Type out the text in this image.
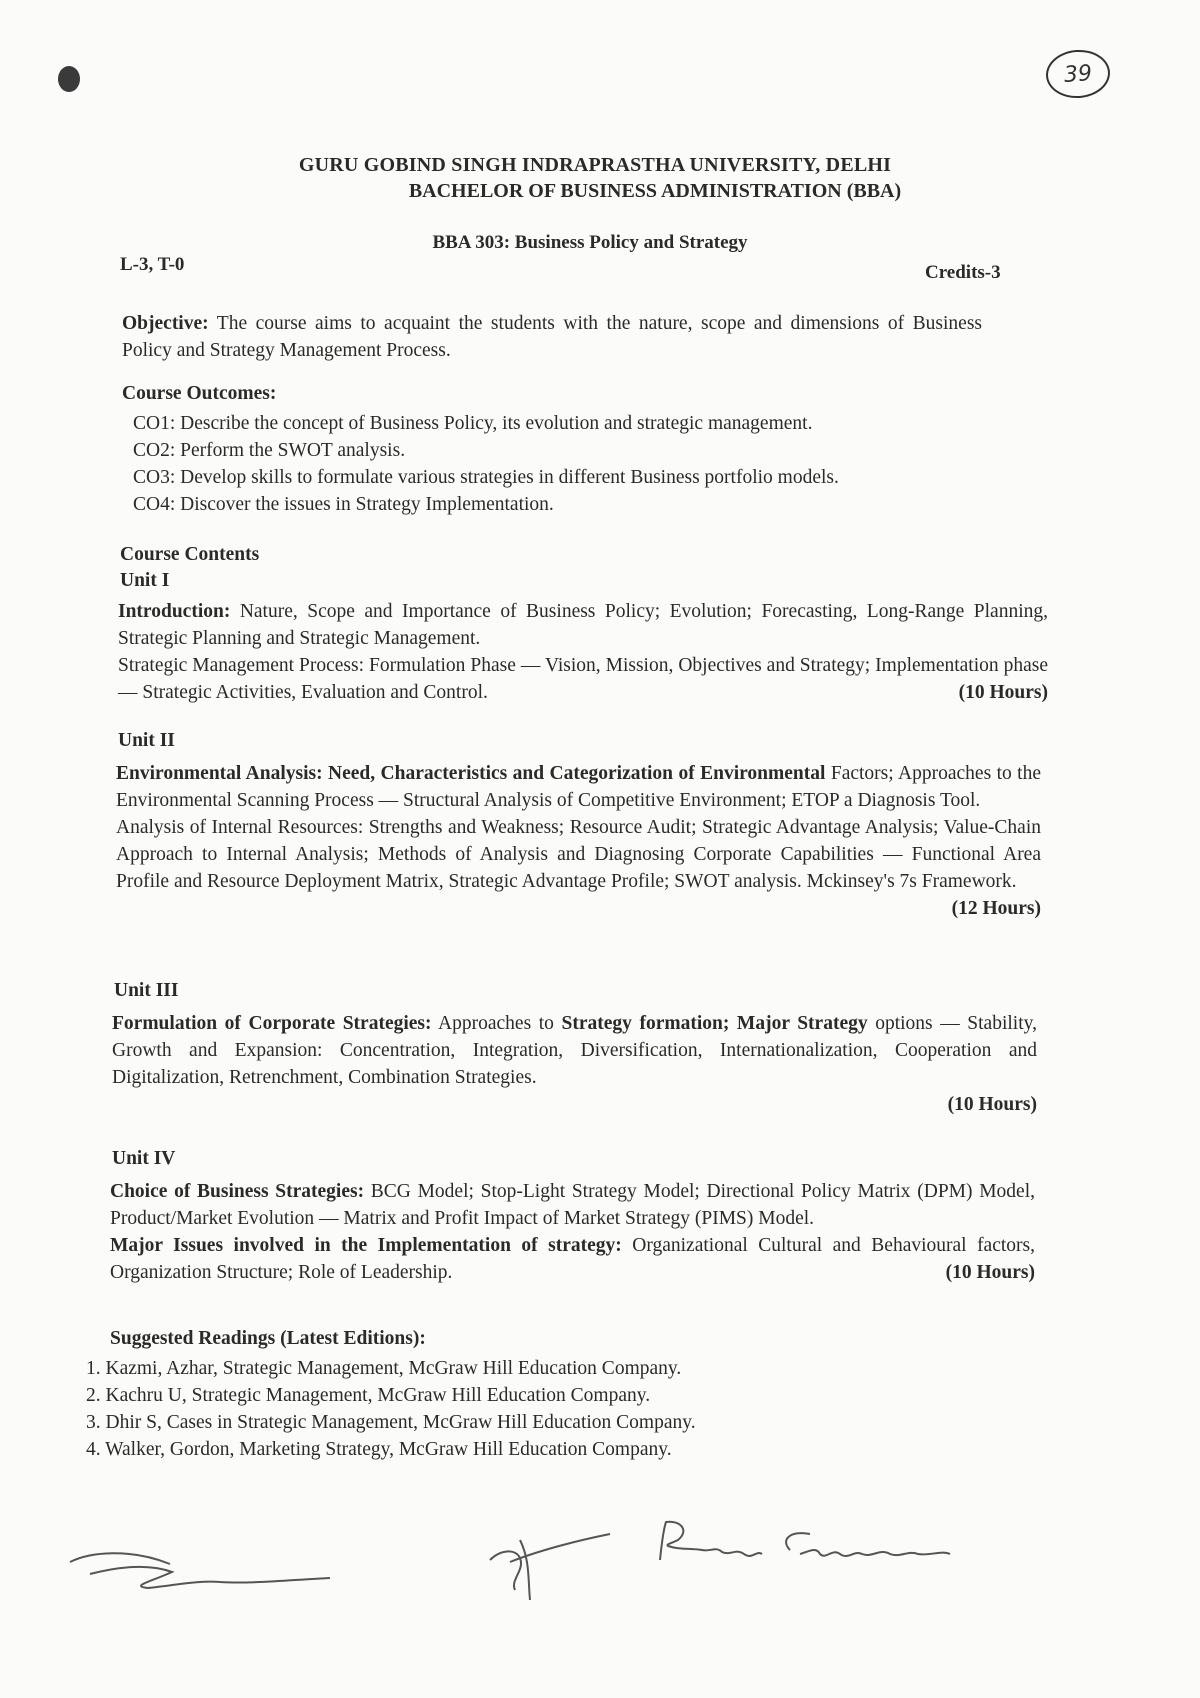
39
GURU GOBIND SINGH INDRAPRASTHA UNIVERSITY, DELHI
BACHELOR OF BUSINESS ADMINISTRATION (BBA)
BBA 303: Business Policy and Strategy
L-3, T-0	Credits-3
Objective: The course aims to acquaint the students with the nature, scope and dimensions of Business Policy and Strategy Management Process.
Course Outcomes:
CO1: Describe the concept of Business Policy, its evolution and strategic management.
CO2: Perform the SWOT analysis.
CO3: Develop skills to formulate various strategies in different Business portfolio models.
CO4: Discover the issues in Strategy Implementation.
Course Contents
Unit I
Introduction: Nature, Scope and Importance of Business Policy; Evolution; Forecasting, Long-Range Planning, Strategic Planning and Strategic Management.
Strategic Management Process: Formulation Phase — Vision, Mission, Objectives and Strategy; Implementation phase — Strategic Activities, Evaluation and Control.	(10 Hours)
Unit II
Environmental Analysis: Need, Characteristics and Categorization of Environmental Factors; Approaches to the Environmental Scanning Process — Structural Analysis of Competitive Environment; ETOP a Diagnosis Tool.
Analysis of Internal Resources: Strengths and Weakness; Resource Audit; Strategic Advantage Analysis; Value-Chain Approach to Internal Analysis; Methods of Analysis and Diagnosing Corporate Capabilities — Functional Area Profile and Resource Deployment Matrix, Strategic Advantage Profile; SWOT analysis. Mckinsey's 7s Framework.
(12 Hours)
Unit III
Formulation of Corporate Strategies: Approaches to Strategy formation; Major Strategy options — Stability, Growth and Expansion: Concentration, Integration, Diversification, Internationalization, Cooperation and Digitalization, Retrenchment, Combination Strategies.

(10 Hours)
Unit IV
Choice of Business Strategies: BCG Model; Stop-Light Strategy Model; Directional Policy Matrix (DPM) Model, Product/Market Evolution — Matrix and Profit Impact of Market Strategy (PIMS) Model.
Major Issues involved in the Implementation of strategy: Organizational Cultural and Behavioural factors, Organization Structure; Role of Leadership.	(10 Hours)
Suggested Readings (Latest Editions):
1. Kazmi, Azhar, Strategic Management, McGraw Hill Education Company.
2. Kachru U, Strategic Management, McGraw Hill Education Company.
3. Dhir S, Cases in Strategic Management, McGraw Hill Education Company.
4. Walker, Gordon, Marketing Strategy, McGraw Hill Education Company.
